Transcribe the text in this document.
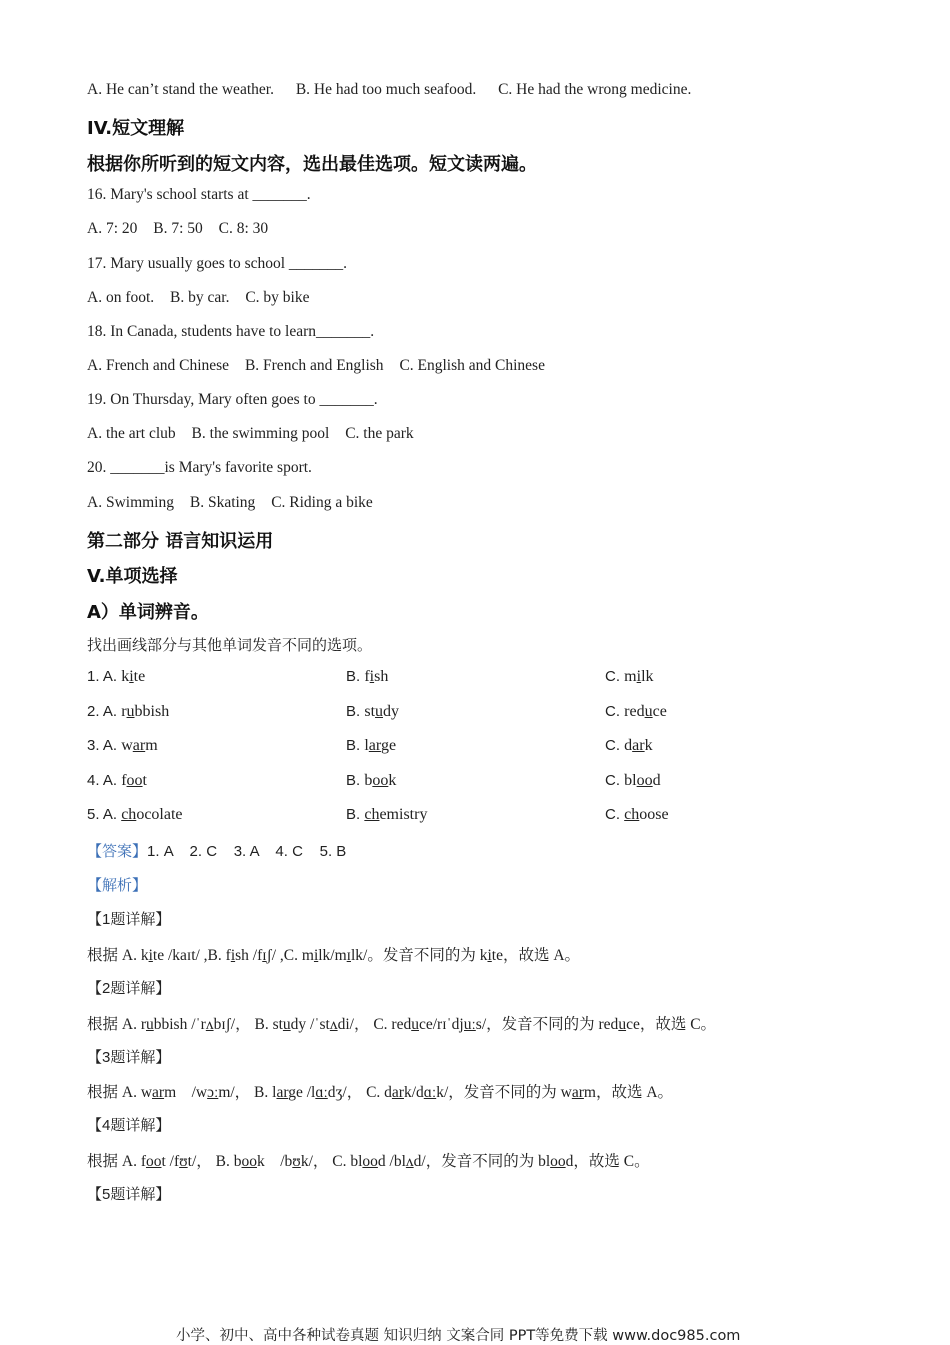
A. He can’t stand the weather. B. He had too much seafood. C. He had the wrong medicine.
IV.短文理解
根据你所听到的短文内容，选出最佳选项。短文读两遍。
16. Mary's school starts at _______.
A. 7: 20 B. 7: 50 C. 8: 30
17. Mary usually goes to school _______.
A. on foot. B. by car. C. by bike
18. In Canada, students have to learn_______.
A. French and Chinese B. French and English C. English and Chinese
19. On Thursday, Mary often goes to _______.
A. the art club B. the swimming pool C. the park
20. _______is Mary's favorite sport.
A. Swimming B. Skating C. Riding a bike
第二部分 语言知识运用
V.单项选择
A）单词辨音。
找出画线部分与其他单词发音不同的选项。
1. A. kite	B. fish	C. milk
2. A. rubbish	B. study	C. reduce
3. A. warm	B. large	C. dark
4. A. foot	B. book	C. blood
5. A. chocolate	B. chemistry	C. choose
【答案】1. A    2. C    3. A    4. C    5. B
【解析】
【1题详解】
根据 A. kite /kaɪt/ ,B. fish /fɪʃ/ ,C. milk/mɪlk/。发音不同的为 kite，故选 A。
【2题详解】
根据 A. rubbish /ˈrʌbɪʃ/， B. study /ˈstʌdi/， C. reduce/rɪˈdjuːs/，发音不同的为 reduce，故选 C。
【3题详解】
根据 A. warm    /wɔːm/， B. large /lɑːdʒ/， C. dark/dɑːk/，发音不同的为 warm，故选 A。
【4题详解】
根据 A. foot /fʊt/， B. book    /bʊk/， C. blood /blʌd/，发音不同的为 blood，故选 C。
【5题详解】
小学、初中、高中各种试卷真题 知识归纳 文案合同 PPT等免费下载 www.doc985.com
